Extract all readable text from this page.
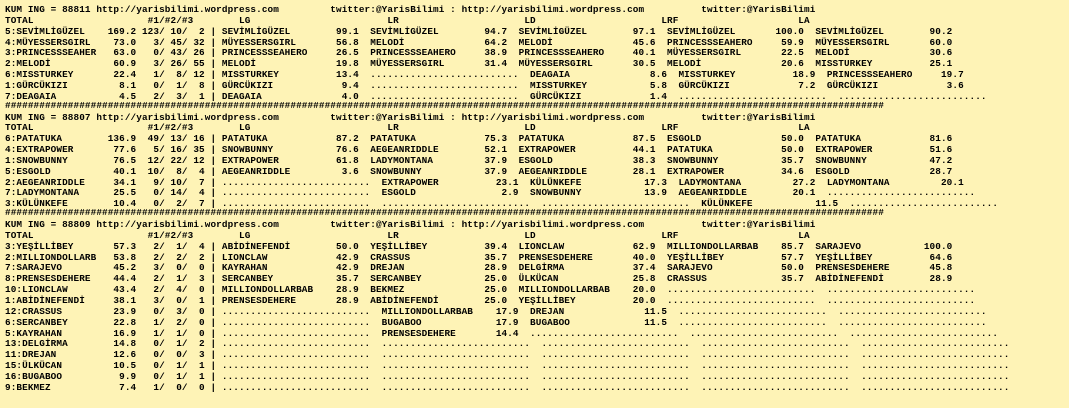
KUM ING = 88811 http://yarisbilimi.wordpress.com         twitter:@YarisBilimi : http://yarisbilimi.wordpress.com          twitter:@YarisBilimi
TOTAL                    #1/#2/#3        LG                        LR                      LD                      LRF                     LA
5:SEVİMLİGÜZEL    169.2 123/ 10/  2 | SEVİMLİGÜZEL        99.1  SEVİMLİGÜZEL        94.7  SEVİMLİGÜZEL        97.1  SEVİMLİGÜZEL       100.0  SEVİMLİGÜZEL        90.2
4:MÜYESSERSGIRL    73.0   3/ 45/ 32 | MÜYESSERSGIRL       56.8  MELODİ              64.2  MELODİ              45.6  PRINCESSSEAHERO     59.9  MÜYESSERSGIRL       60.0
3:PRINCESSSEAHER   63.0   0/ 43/ 26 | PRINCESSSEAHERO     26.5  PRINCESSSEAHERO     38.9  PRINCESSSEAHERO     40.1  MÜYESSERSGIRL       22.5  MELODİ              30.6
2:MELODİ           60.9   3/ 26/ 55 | MELODİ              19.8  MÜYESSERSGIRL       31.4  MÜYESSERSGIRL       30.5  MELODİ              20.6  MISSTURKEY          25.1
6:MISSTURKEY       22.4   1/  8/ 12 | MISSTURKEY          13.4  ..........................  DEAGAIA              8.6  MISSTURKEY          18.9  PRINCESSSEAHERO     19.7
1:GÜRCÜKIZI         8.1   0/  1/  8 | GÜRCÜKIZI            9.4  ..........................  MISSTURKEY           5.8  GÜRCÜKIZI            7.2  GÜRCÜKIZI            3.6
7:DEAGAIA           4.5   2/  3/  1 | DEAGAIA              4.0  ..........................  GÜRCÜKIZI            1.4  ..........................  ..........................
##########################################################################################################################################################
KUM ING = 88807 http://yarisbilimi.wordpress.com         twitter:@YarisBilimi : http://yarisbilimi.wordpress.com          twitter:@YarisBilimi
TOTAL                    #1/#2/#3        LG                        LR                      LD                      LRF                     LA
6:PATATUKA        136.9  49/ 13/ 16 | PATATUKA            87.2  PATATUKA            75.3  PATATUKA            87.5  ESGOLD              50.0  PATATUKA            81.6
4:EXTRAPOWER       77.6   5/ 16/ 35 | SNOWBUNNY           76.6  AEGEANRIDDLE        52.1  EXTRAPOWER          44.1  PATATUKA            50.0  EXTRAPOWER          51.6
1:SNOWBUNNY        76.5  12/ 22/ 12 | EXTRAPOWER          61.8  LADYMONTANA         37.9  ESGOLD              38.3  SNOWBUNNY           35.7  SNOWBUNNY           47.2
5:ESGOLD           40.1  10/  8/  4 | AEGEANRIDDLE         3.6  SNOWBUNNY           37.9  AEGEANRIDDLE        28.1  EXTRAPOWER          34.6  ESGOLD              28.7
2:AEGEANRIDDLE     34.1   9/ 10/  7 | ..........................  EXTRAPOWER          23.1  KÜLÜNKEFE           17.3  LADYMONTANA         27.2  LADYMONTANA         20.1
7:LADYMONTANA      25.5   0/ 14/  4 | ..........................  ESGOLD               2.9  SNOWBUNNY           13.9  AEGEANRIDDLE        20.1  ..........................
3:KÜLÜNKEFE        10.4   0/  2/  7 | ..........................  ..........................  ..........................  KÜLÜNKEFE           11.5  ..........................
##########################################################################################################################################################
KUM ING = 88809 http://yarisbilimi.wordpress.com         twitter:@YarisBilimi : http://yarisbilimi.wordpress.com          twitter:@YarisBilimi
TOTAL                    #1/#2/#3        LG                        LR                      LD                      LRF                     LA
3:YEŞİLLİBEY       57.3   2/  1/  4 | ABİDİNEFENDİ        50.0  YEŞİLLİBEY          39.4  LIONCLAW            62.9  MILLIONDOLLARBAB    85.7  SARAJEVO           100.0
2:MILLIONDOLLARB   53.8   2/  2/  2 | LIONCLAW            42.9  CRASSUS             35.7  PRENSESDEHERE       40.0  YEŞİLLİBEY          57.7  YEŞİLLİBEY          64.6
7:SARAJEVO         45.2   3/  0/  0 | KAYRAHAN            42.9  DREJAN              28.9  DELGİRMA            37.4  SARAJEVO            50.0  PRENSESDEHERE       45.8
8:PRENSESDEHERE    44.4   2/  1/  3 | SERCANBEY           35.7  SERCANBEY           25.0  ÜLKÜCAN             25.8  CRASSUS             35.7  ABİDİNEFENDİ        28.9
10:LIONCLAW        43.4   2/  4/  0 | MILLIONDOLLARBAB    28.9  BEKMEZ              25.0  MILLIONDOLLARBAB    20.0  ..........................  ..........................
1:ABİDİNEFENDİ     38.1   3/  0/  1 | PRENSESDEHERE       28.9  ABİDİNEFENDİ        25.0  YEŞİLLİBEY          20.0  ..........................  ..........................
12:CRASSUS         23.9   0/  3/  0 | ..........................  MILLIONDOLLARBAB    17.9  DREJAN              11.5  ..........................  ..........................
6:SERCANBEY        22.8   1/  2/  0 | ..........................  BUGABOO             17.9  BUGABOO             11.5  ..........................  ..........................
5:KAYRAHAN         16.9   1/  1/  0 | ..........................  PRENSESDEHERE       14.4  ..........................  ..........................  ..........................
13:DELGİRMA        14.8   0/  1/  2 | ..........................  ..........................  ..........................  ..........................  ..........................
11:DREJAN          12.6   0/  0/  3 | ..........................  ..........................  ..........................  ..........................  ..........................
15:ÜLKÜCAN         10.5   0/  1/  1 | ..........................  ..........................  ..........................  ..........................  ..........................
16:BUGABOO          9.9   0/  1/  1 | ..........................  ..........................  ..........................  ..........................  ..........................
9:BEKMEZ            7.4   1/  0/  0 | ..........................  ..........................  ..........................  ..........................  ..........................
